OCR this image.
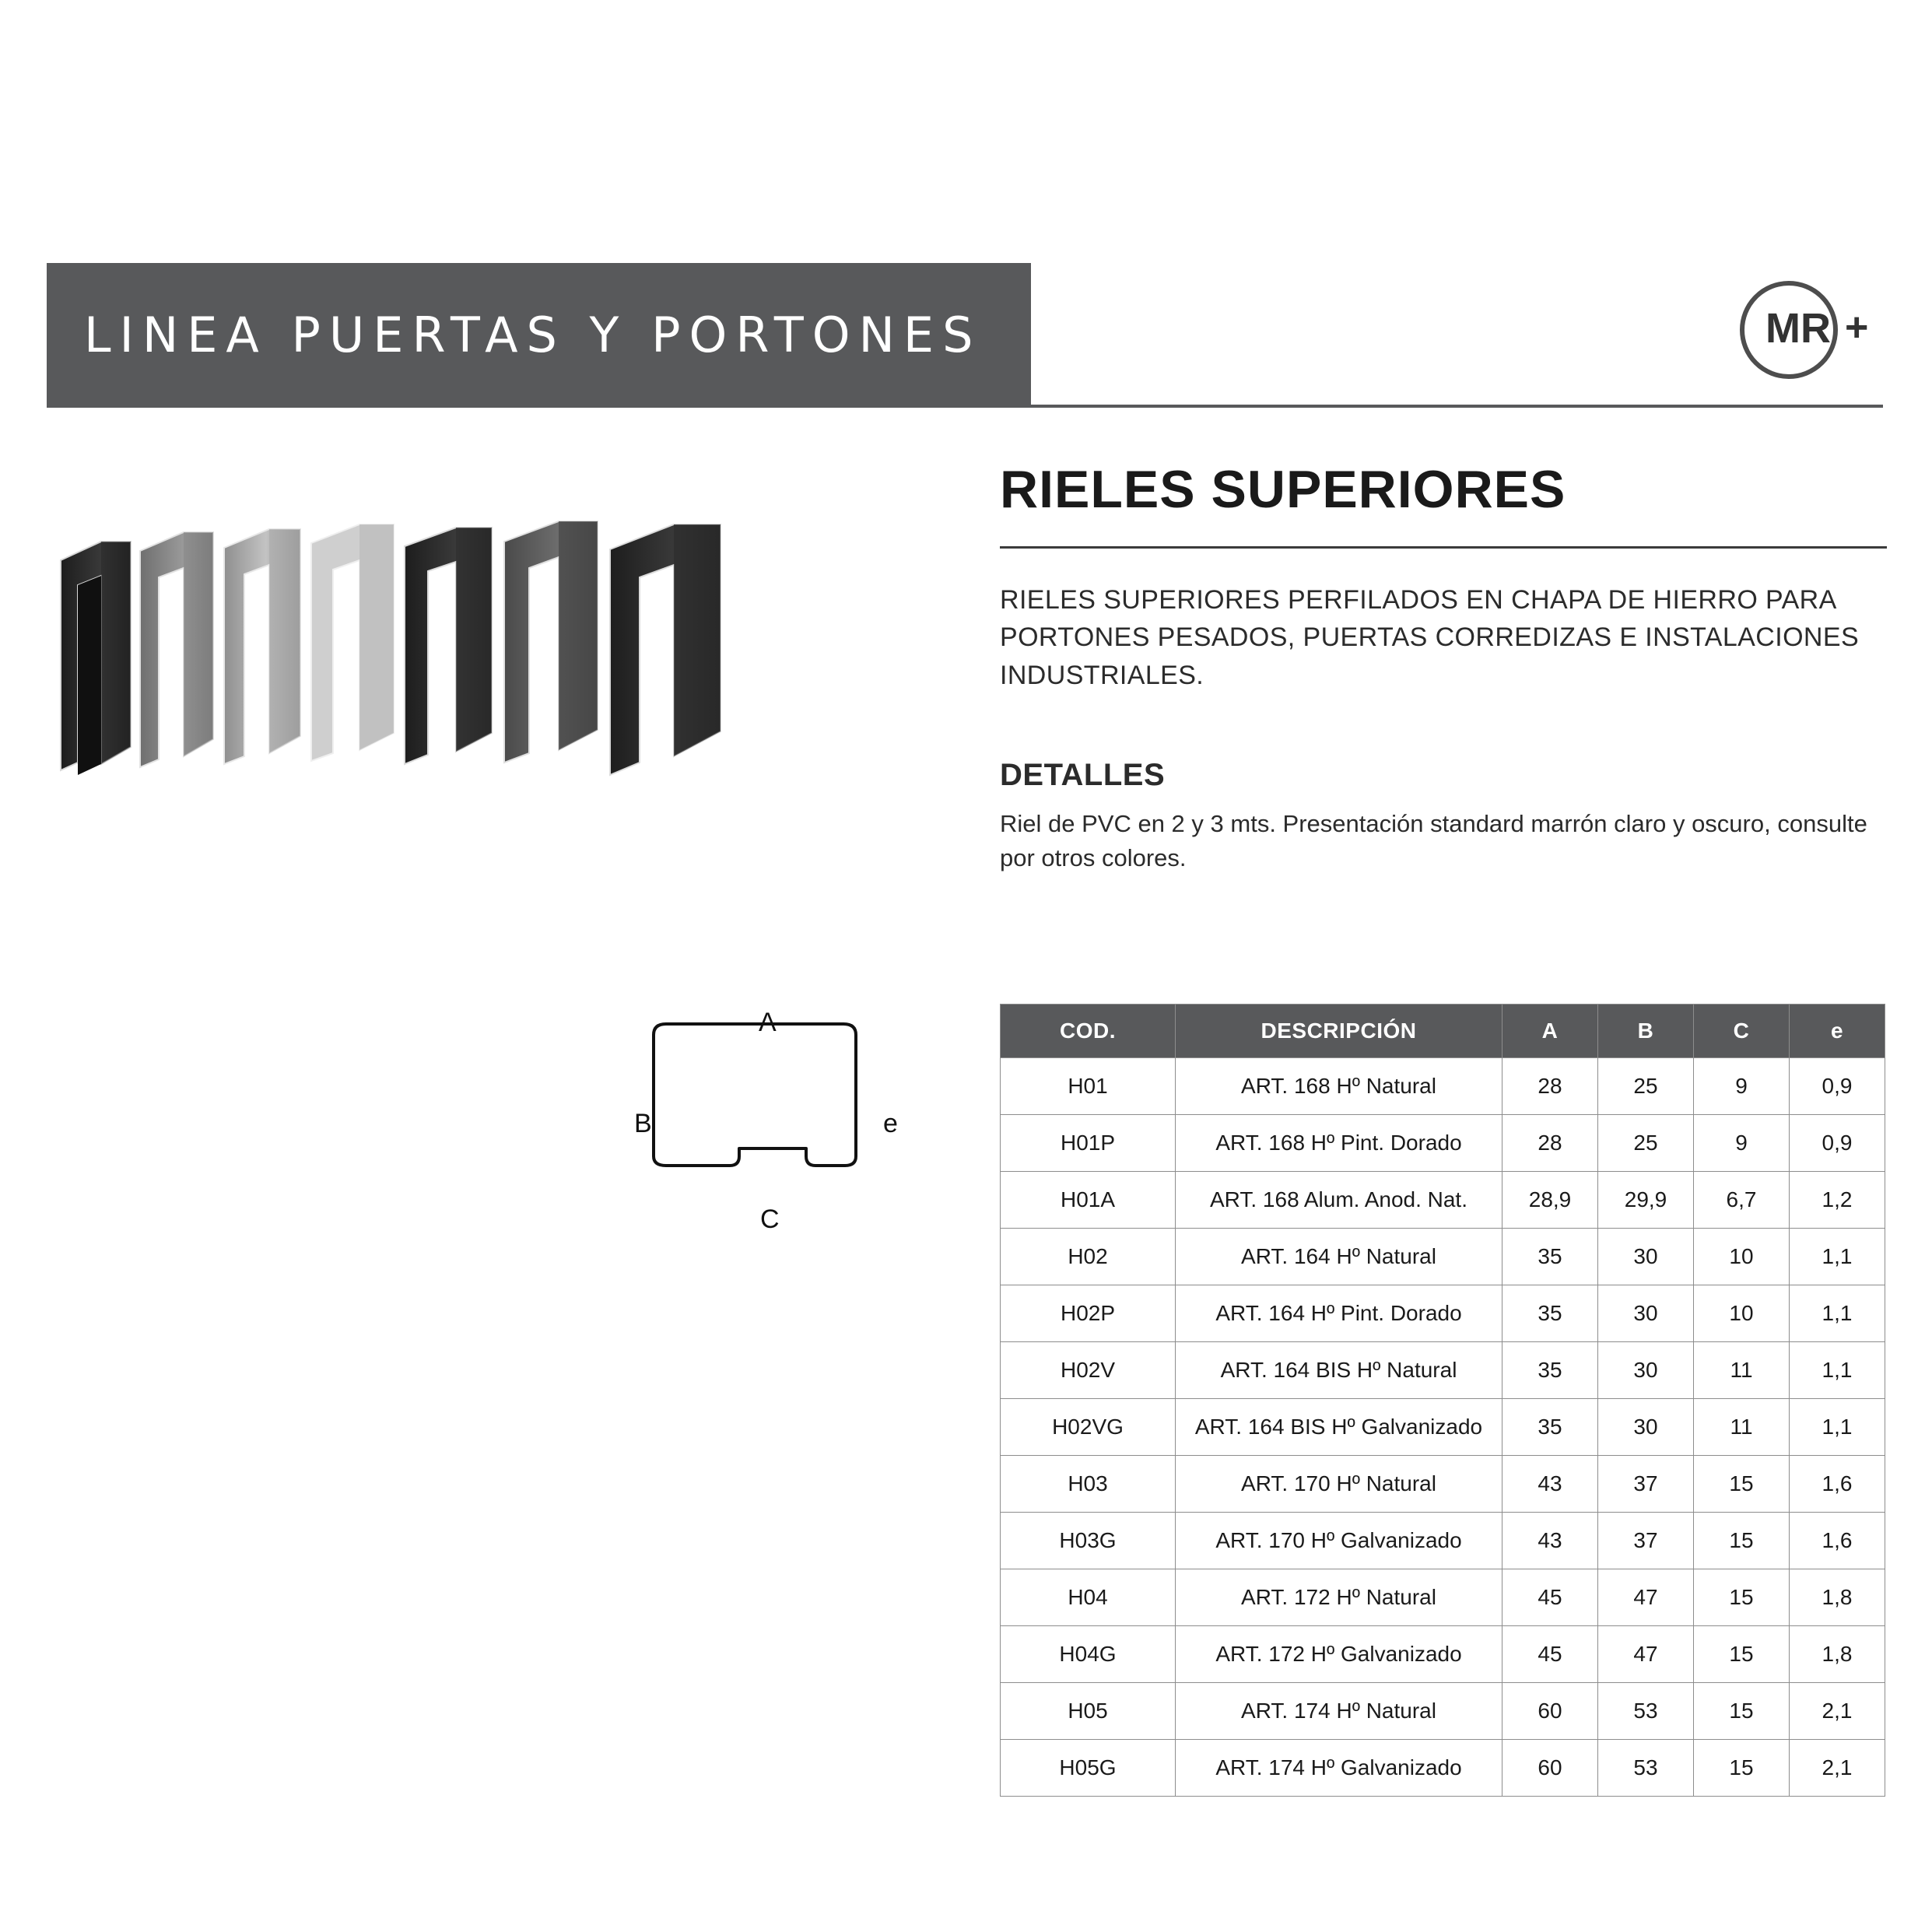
LINEA PUERTAS Y PORTONES	MR +
RIELES SUPERIORES

RIELES SUPERIORES PERFILADOS EN CHAPA DE HIERRO PARA PORTONES PESADOS, PUERTAS CORREDIZAS E INSTALACIONES INDUSTRIALES.

DETALLES

Riel de PVC en 2 y 3 mts. Presentación standard marrón claro y oscuro, consulte por otros colores.

A
B	e
C
COD.	DESCRIPCIÓN	A	B	C	e
H01	ART. 168 Hº Natural	28	25	9	0,9
H01P	ART. 168 Hº Pint. Dorado	28	25	9	0,9
H01A	ART. 168 Alum. Anod. Nat.	28,9	29,9	6,7	1,2
H02	ART. 164 Hº Natural	35	30	10	1,1
H02P	ART. 164 Hº Pint. Dorado	35	30	10	1,1
H02V	ART. 164 BIS Hº Natural	35	30	11	1,1
H02VG	ART. 164 BIS Hº Galvanizado	35	30	11	1,1
H03	ART. 170 Hº Natural	43	37	15	1,6
H03G	ART. 170 Hº Galvanizado	43	37	15	1,6
H04	ART. 172 Hº Natural	45	47	15	1,8
H04G	ART. 172 Hº Galvanizado	45	47	15	1,8
H05	ART. 174 Hº Natural	60	53	15	2,1
H05G	ART. 174 Hº Galvanizado	60	53	15	2,1
